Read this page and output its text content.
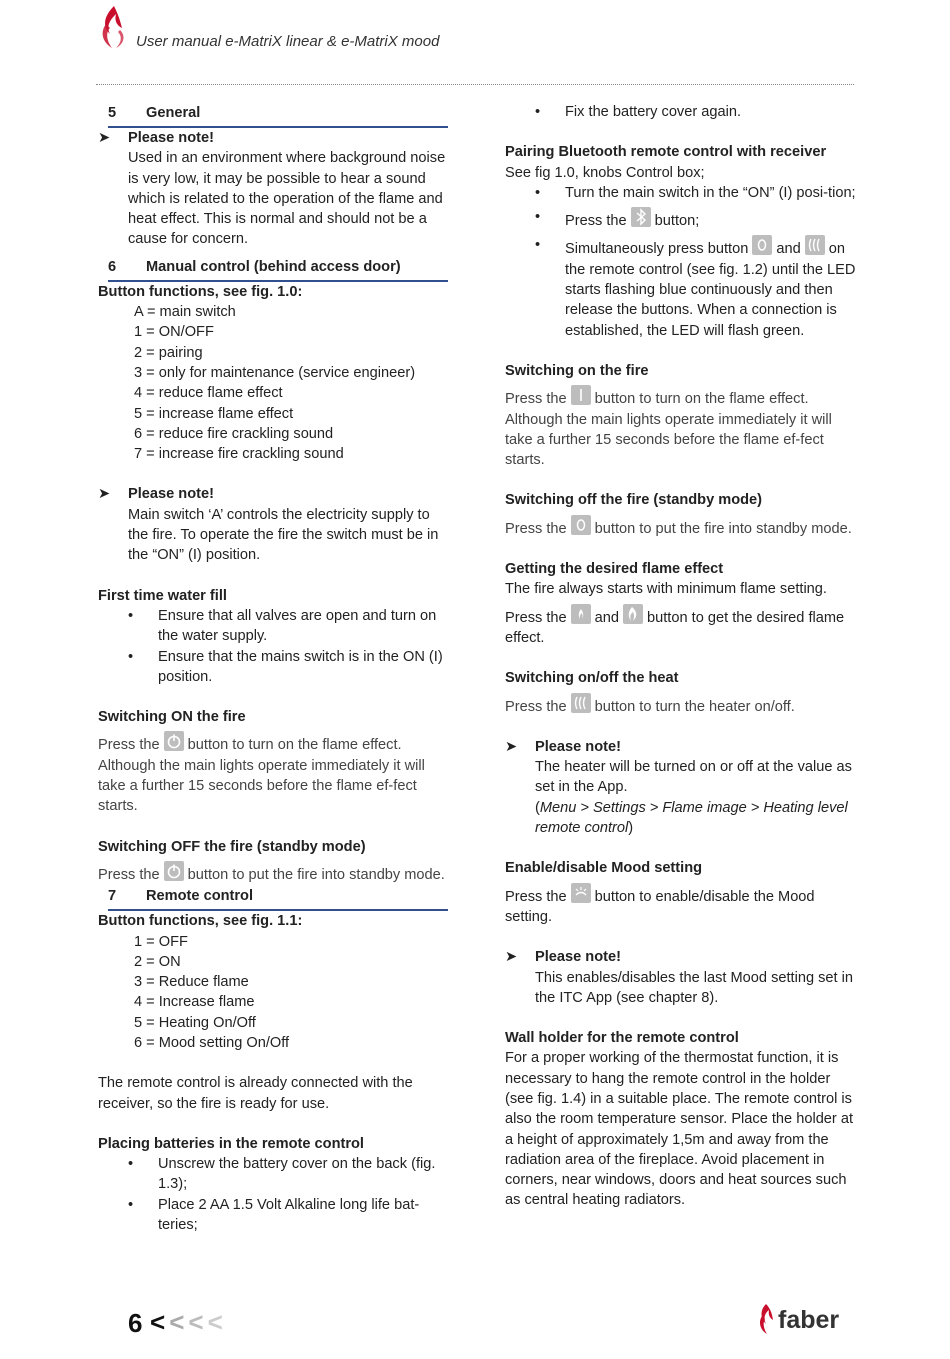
User manual e-MatriX linear & e-MatriX mood
5 General
➤ Please note!
Used in an environment where background noise is very low, it may be possible to hear a sound which is related to the operation of the flame and heat effect. This is normal and should not be a cause for concern.
6 Manual control (behind access door)
Button functions, see fig. 1.0:
A = main switch
1 = ON/OFF
2 = pairing
3 = only for maintenance (service engineer)
4 = reduce flame effect
5 = increase flame effect
6 = reduce fire crackling sound
7 = increase fire crackling sound
➤ Please note!
Main switch ‘A’ controls the electricity supply to the fire. To operate the fire the switch must be in the “ON” (I) position.
First time water fill
• Ensure that all valves are open and turn on the water supply.
• Ensure that the mains switch is in the ON (I) position.
Switching ON the fire
Press the button to turn on the flame effect. Although the main lights operate immediately it will take a further 15 seconds before the flame ef-fect starts.
Switching OFF the fire (standby mode)
Press the button to put the fire into standby mode.
7 Remote control
Button functions, see fig. 1.1:
1 = OFF
2 = ON
3 = Reduce flame
4 = Increase flame
5 = Heating On/Off
6 = Mood setting On/Off
The remote control is already connected with the receiver, so the fire is ready for use.
Placing batteries in the remote control
• Unscrew the battery cover on the back (fig. 1.3);
• Place 2 AA 1.5 Volt Alkaline long life bat-teries;
• Fix the battery cover again.
Pairing Bluetooth remote control with receiver
See fig 1.0, knobs Control box;
• Turn the main switch in the “ON” (I) posi-tion;
• Press the button;
• Simultaneously press button and on the remote control (see fig. 1.2) until the LED starts flashing blue continuously and then release the buttons. When a connection is established, the LED will flash green.
Switching on the fire
Press the button to turn on the flame effect. Although the main lights operate immediately it will take a further 15 seconds before the flame ef-fect starts.
Switching off the fire (standby mode)
Press the button to put the fire into standby mode.
Getting the desired flame effect
The fire always starts with minimum flame setting.
Press the and button to get the desired flame effect.
Switching on/off the heat
Press the button to turn the heater on/off.
➤ Please note!
The heater will be turned on or off at the value as set in the App.
(Menu > Settings > Flame image > Heating level remote control)
Enable/disable Mood setting
Press the button to enable/disable the Mood setting.
➤ Please note!
This enables/disables the last Mood setting set in the ITC App (see chapter 8).
Wall holder for the remote control
For a proper working of the thermostat function, it is necessary to hang the remote control in the holder (see fig. 1.4) in a suitable place. The remote control is also the room temperature sensor. Place the holder at a height of approximately 1,5m and away from the radiation area of the fireplace. Avoid placement in corners, near windows, doors and heat sources such as central heating radiators.
6 <<<<	faber
